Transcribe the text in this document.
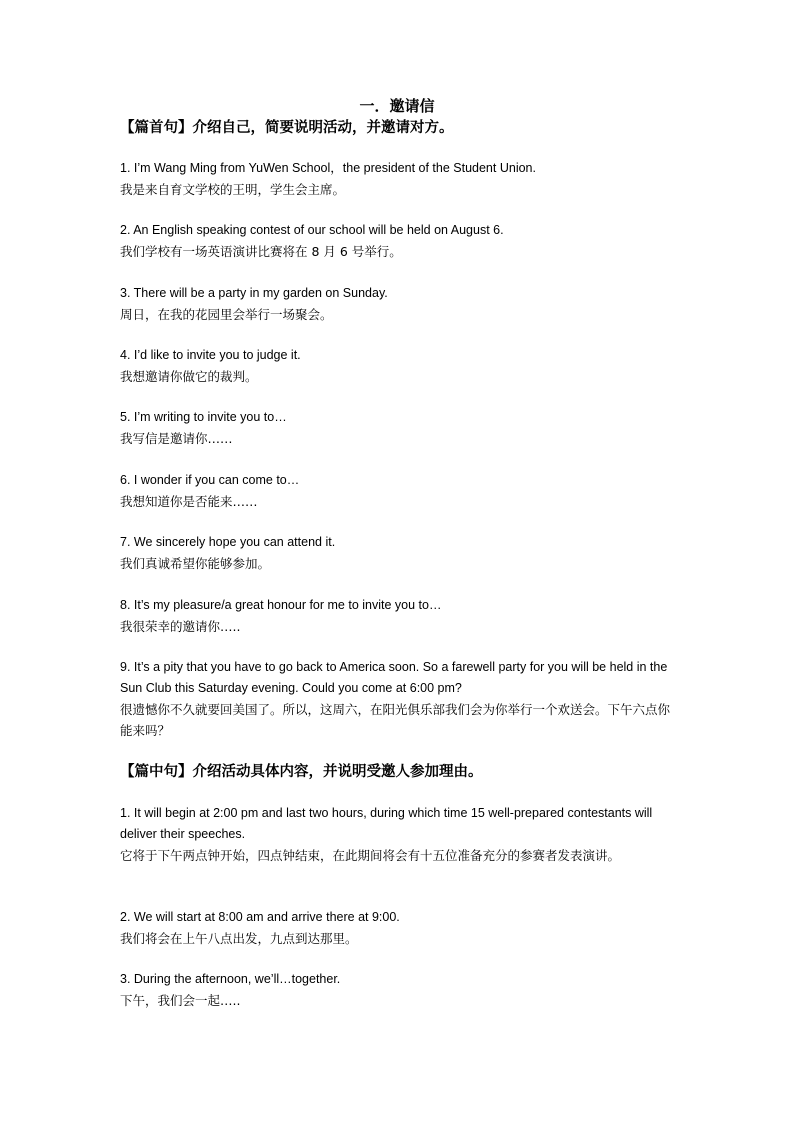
一．邀请信
【篇首句】介绍自己，简要说明活动，并邀请对方。

1. I’m Wang Ming from YuWen School，the president of the Student Union.

我是来自育文学校的王明，学生会主席。

2. An English speaking contest of our school will be held on August 6.

我们学校有一场英语演讲比赛将在 8 月 6 号举行。

3. There will be a party in my garden on Sunday.

周日，在我的花园里会举行一场聚会。

4. I’d like to invite you to judge it.

我想邀请你做它的裁判。

5. I’m writing to invite you to…

我写信是邀请你……

6. I wonder if you can come to…

我想知道你是否能来……

7. We sincerely hope you can attend it.

我们真诚希望你能够参加。

8. It’s my pleasure/a great honour for me to invite you to…

我很荣幸的邀请你…..

9. It’s a pity that you have to go back to America soon. So a farewell party for you will be held in the Sun Club this Saturday evening. Could you come at 6:00 pm?

很遗憾你不久就要回美国了。所以，这周六，在阳光俱乐部我们会为你举行一个欢送会。下午六点你能来吗？

【篇中句】介绍活动具体内容，并说明受邀人参加理由。

1. It will begin at 2:00 pm and last two hours, during which time 15 well-prepared contestants will deliver their speeches.

它将于下午两点钟开始，四点钟结束，在此期间将会有十五位准备充分的参赛者发表演讲。

2. We will start at 8:00 am and arrive there at 9:00.

我们将会在上午八点出发，九点到达那里。

3. During the afternoon, we’ll…together.

下午，我们会一起…..
